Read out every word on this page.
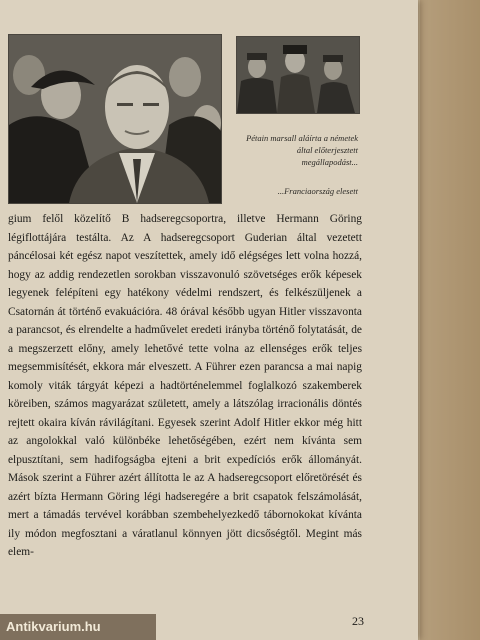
Pétain marsall aláírta a németek által előterjesztett megállapodást...
...Franciaország elesett

gium felől közelítő B hadseregcsoportra, illetve Hermann Göring légiflottájára testálta. Az A hadseregcsoport Guderian által vezetett páncélosai két egész napot veszítettek, amely idő elégséges lett volna hozzá, hogy az addig rendezetlen sorokban visszavonuló szövetséges erők képesek legyenek felépíteni egy hatékony védelmi rendszert, és felkészüljenek a Csatornán át történő evakuációra. 48 órával később ugyan Hitler visszavonta a parancsot, és elrendelte a hadművelet eredeti irányba történő folytatását, de a megszerzett előny, amely lehetővé tette volna az ellenséges erők teljes megsemmisítését, ekkora már elveszett. A Führer ezen parancsa a mai napig komoly viták tárgyát képezi a hadtörténelemmel foglalkozó szakemberek köreiben, számos magyarázat született, amely a látszólag irracionális döntés rejtett okaira kíván rávilágítani. Egyesek szerint Adolf Hitler ekkor még hitt az angolokkal való különbéke lehetőségében, ezért nem kívánta sem elpusztítani, sem hadifogságba ejteni a brit expedíciós erők állományát. Mások szerint a Führer azért állította le az A hadseregcsoport előretörését és azért bízta Hermann Göring légi hadseregére a brit csapatok felszámolását, mert a támadás tervével korábban szembehelyezkedő tábornokokat kívánta ily módon megfosztani a váratlanul könnyen jött dicsőségtől. Megint más elem-

23
Antikvarium.hu
